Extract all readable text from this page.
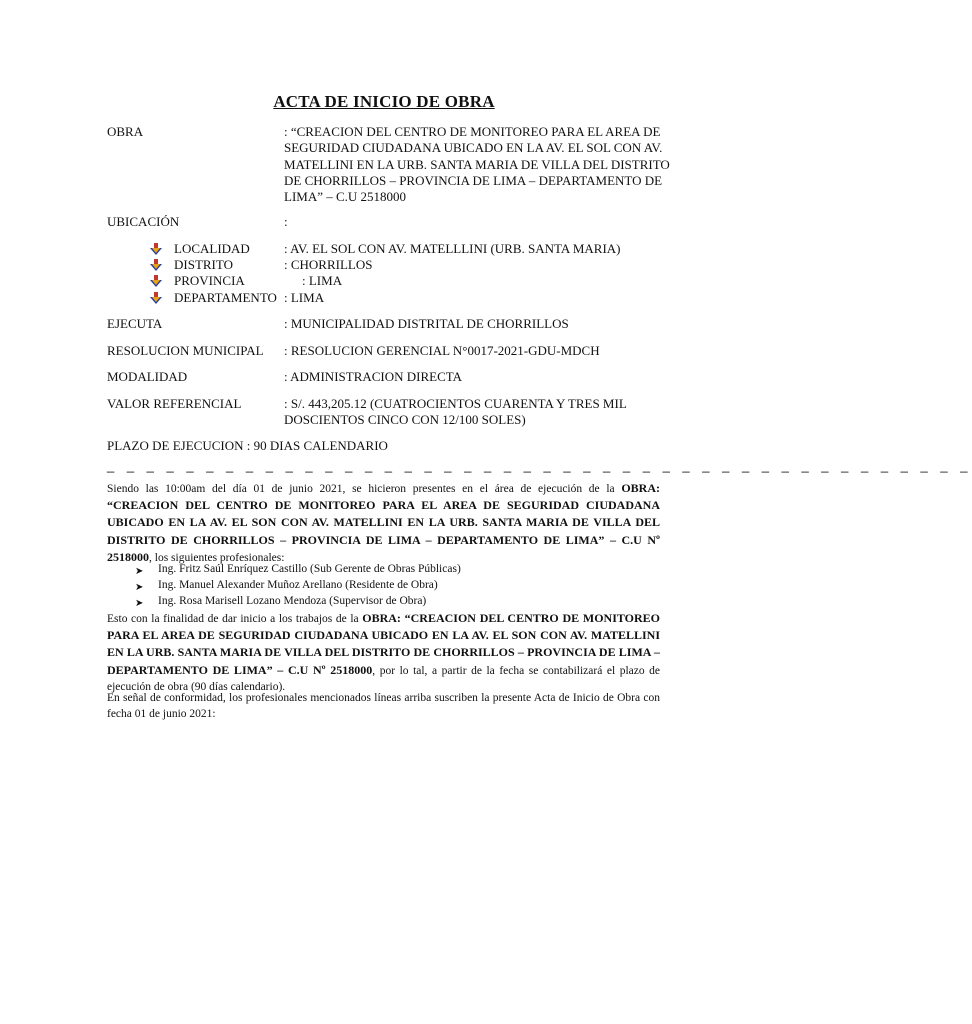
ACTA DE INICIO DE OBRA
OBRA	: “CREACION DEL CENTRO DE MONITOREO PARA EL AREA DE SEGURIDAD CIUDADANA UBICADO EN LA AV. EL SOL CON AV. MATELLINI EN LA URB. SANTA MARIA DE VILLA DEL DISTRITO DE CHORRILLOS – PROVINCIA DE LIMA – DEPARTAMENTO DE LIMA” – C.U 2518000
UBICACIÓN	:
LOCALIDAD	: AV. EL SOL CON AV. MATELLLINI (URB. SANTA MARIA)
DISTRITO	: CHORRILLOS
PROVINCIA	: LIMA
DEPARTAMENTO : LIMA
EJECUTA	: MUNICIPALIDAD DISTRITAL DE CHORRILLOS
RESOLUCION MUNICIPAL : RESOLUCION GERENCIAL N°0017-2021-GDU-MDCH
MODALIDAD	: ADMINISTRACION DIRECTA
VALOR REFERENCIAL	: S/. 443,205.12 (CUATROCIENTOS CUARENTA Y TRES MIL DOSCIENTOS CINCO CON 12/100 SOLES)
PLAZO DE EJECUCION : 90 DIAS CALENDARIO
_ _ _ _ _ _ _ _ _ _ _ _ _ _ _ _ _ _ _ _ _ _ _ _ _ _ _ _ _ _ _ _ _ _ _ _ _ _ _ _ _ _ _ _
Siendo las 10:00am del día 01 de junio 2021, se hicieron presentes en el área de ejecución de la OBRA: “CREACION DEL CENTRO DE MONITOREO PARA EL AREA DE SEGURIDAD CIUDADANA UBICADO EN LA AV. EL SON CON AV. MATELLINI EN LA URB. SANTA MARIA DE VILLA DEL DISTRITO DE CHORRILLOS – PROVINCIA DE LIMA – DEPARTAMENTO DE LIMA” – C.U Nº 2518000, los siguientes profesionales:
➤ Ing. Fritz Saúl Enríquez Castillo (Sub Gerente de Obras Públicas)
➤ Ing. Manuel Alexander Muñoz Arellano (Residente de Obra)
➤ Ing. Rosa Marisell Lozano Mendoza (Supervisor de Obra)
Esto con la finalidad de dar inicio a los trabajos de la OBRA: “CREACION DEL CENTRO DE MONITOREO PARA EL AREA DE SEGURIDAD CIUDADANA UBICADO EN LA AV. EL SON CON AV. MATELLINI EN LA URB. SANTA MARIA DE VILLA DEL DISTRITO DE CHORRILLOS – PROVINCIA DE LIMA – DEPARTAMENTO DE LIMA” – C.U Nº 2518000, por lo tal, a partir de la fecha se contabilizará el plazo de ejecución de obra (90 días calendario).
En señal de conformidad, los profesionales mencionados líneas arriba suscriben la presente Acta de Inicio de Obra con fecha 01 de junio 2021:
